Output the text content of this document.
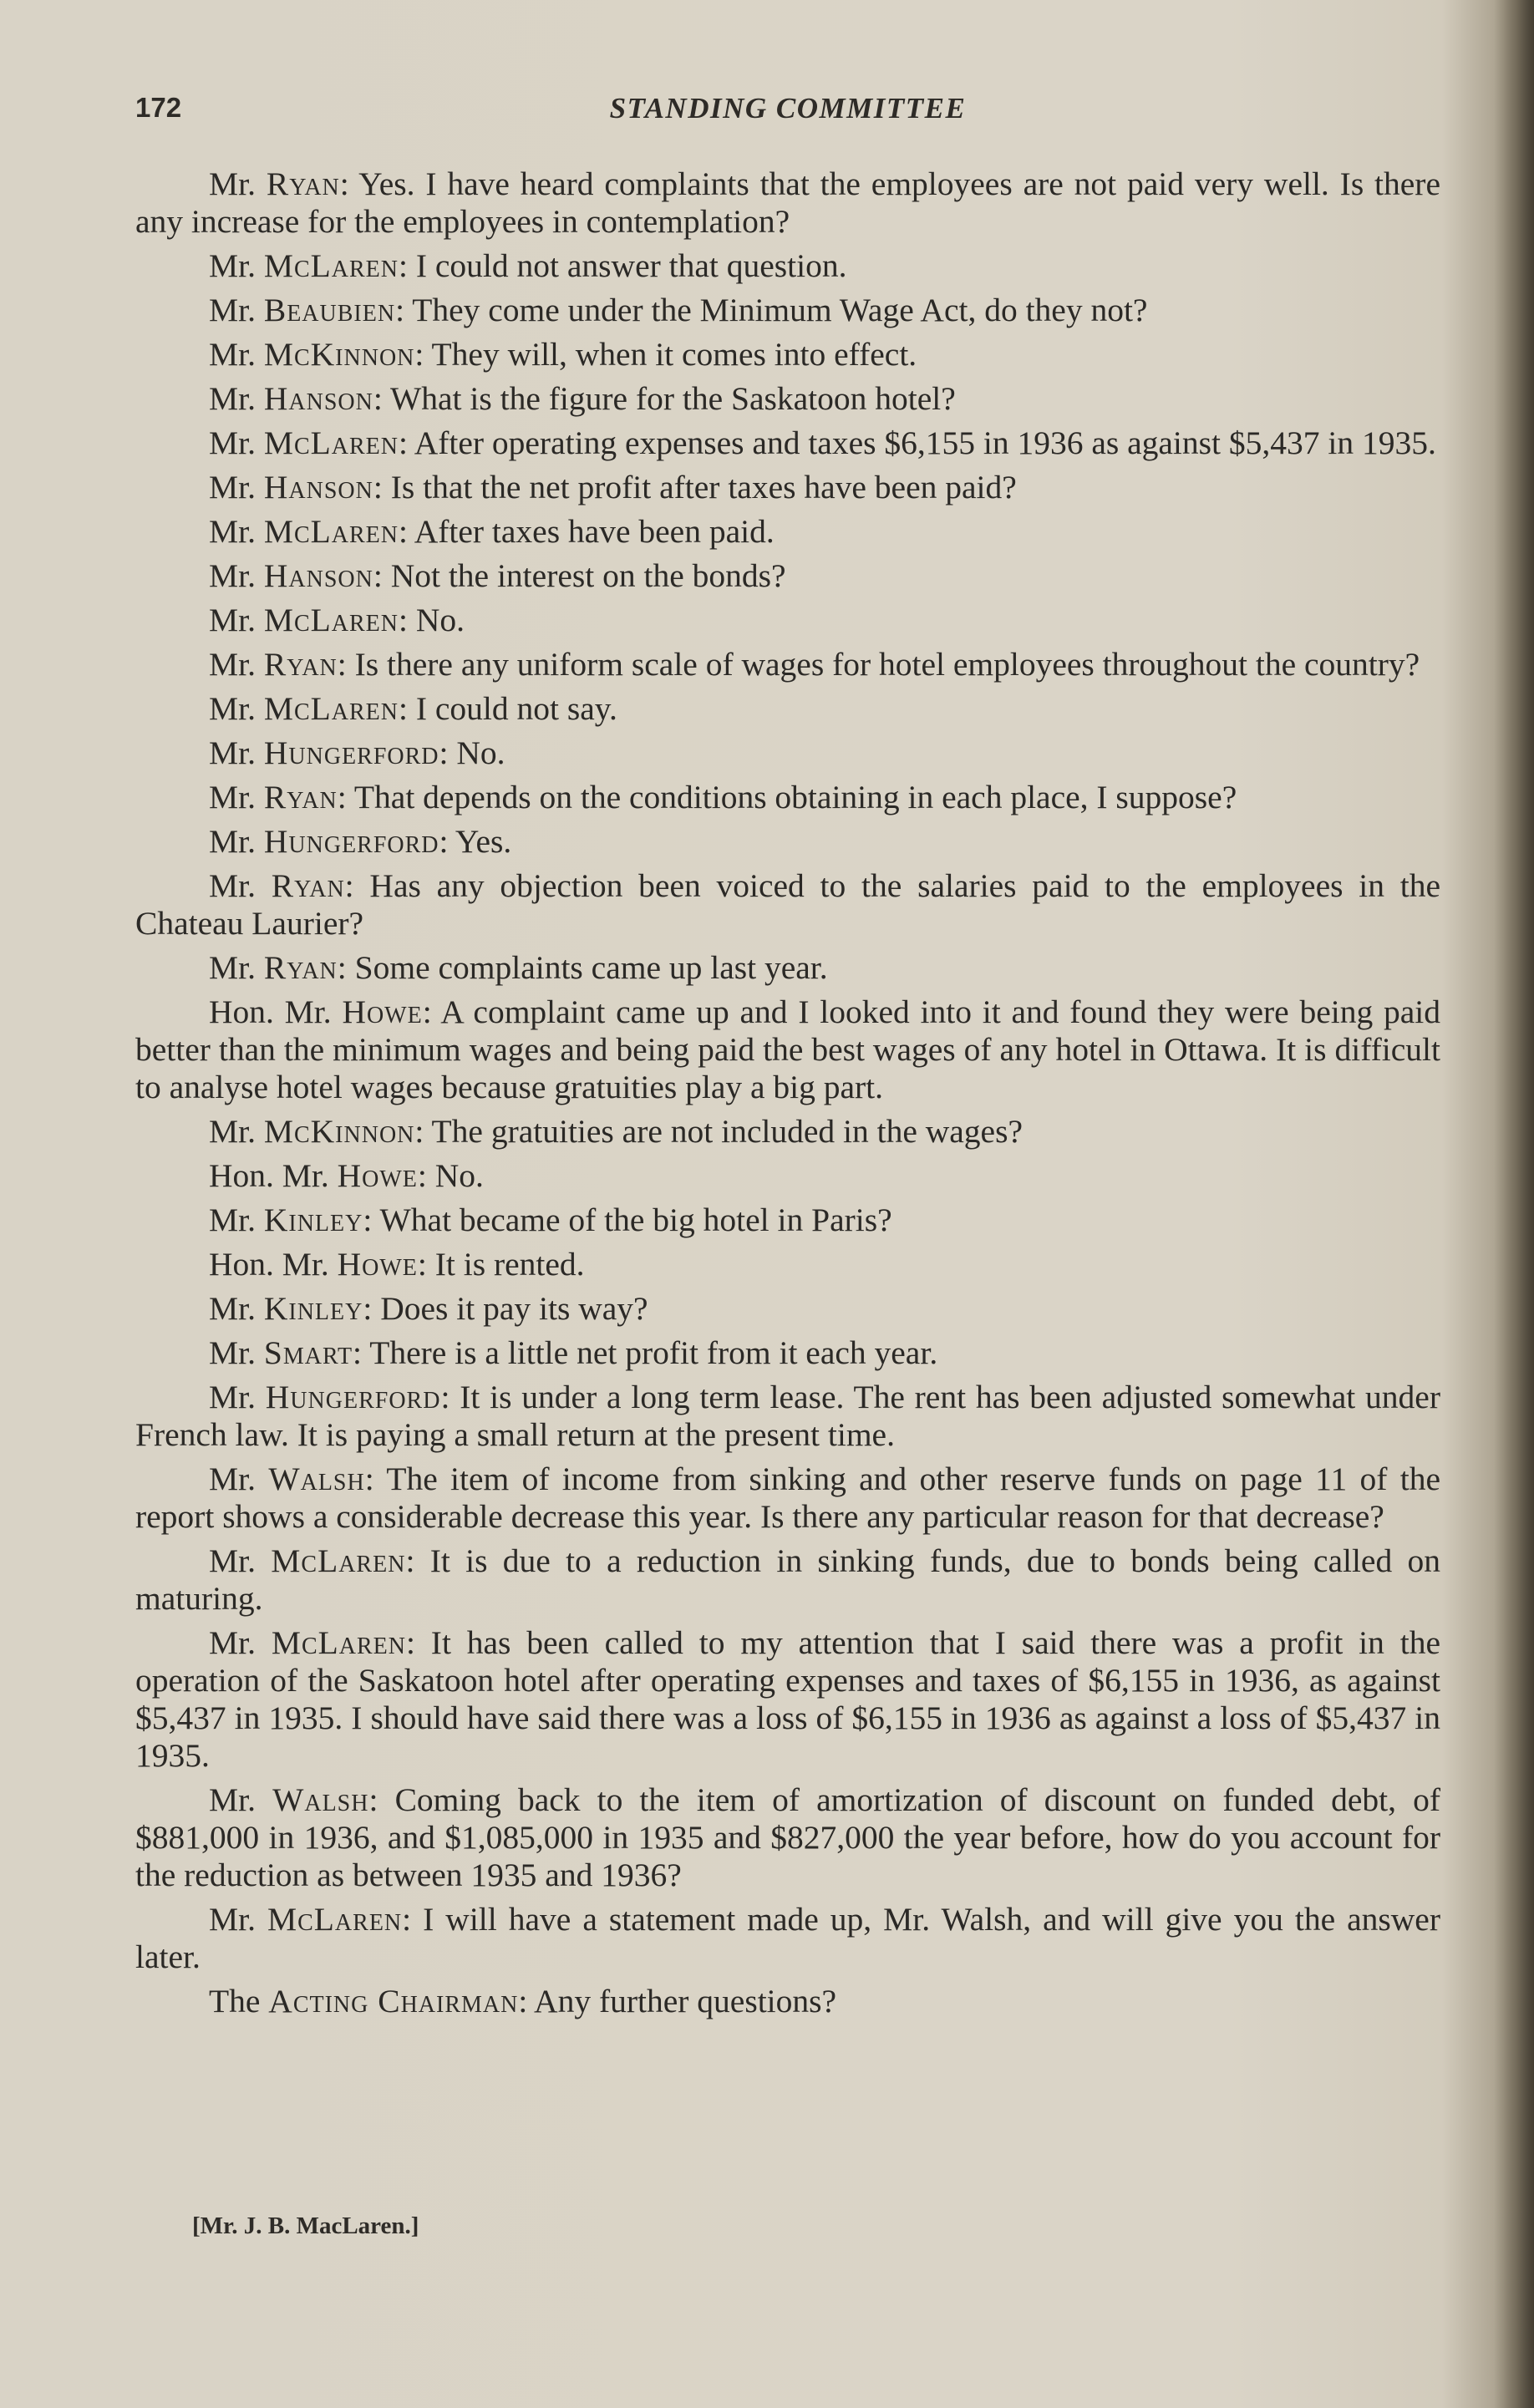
172	STANDING COMMITTEE

Mr. Ryan: Yes. I have heard complaints that the employees are not paid very well. Is there any increase for the employees in contemplation?

Mr. McLaren: I could not answer that question.

Mr. Beaubien: They come under the Minimum Wage Act, do they not?

Mr. McKinnon: They will, when it comes into effect.

Mr. Hanson: What is the figure for the Saskatoon hotel?

Mr. McLaren: After operating expenses and taxes $6,155 in 1936 as against $5,437 in 1935.

Mr. Hanson: Is that the net profit after taxes have been paid?

Mr. McLaren: After taxes have been paid.

Mr. Hanson: Not the interest on the bonds?

Mr. McLaren: No.

Mr. Ryan: Is there any uniform scale of wages for hotel employees throughout the country?

Mr. McLaren: I could not say.

Mr. Hungerford: No.

Mr. Ryan: That depends on the conditions obtaining in each place, I suppose?

Mr. Hungerford: Yes.

Mr. Ryan: Has any objection been voiced to the salaries paid to the employees in the Chateau Laurier?

Mr. Ryan: Some complaints came up last year.

Hon. Mr. Howe: A complaint came up and I looked into it and found they were being paid better than the minimum wages and being paid the best wages of any hotel in Ottawa. It is difficult to analyse hotel wages because gratuities play a big part.

Mr. McKinnon: The gratuities are not included in the wages?

Hon. Mr. Howe: No.

Mr. Kinley: What became of the big hotel in Paris?

Hon. Mr. Howe: It is rented.

Mr. Kinley: Does it pay its way?

Mr. Smart: There is a little net profit from it each year.

Mr. Hungerford: It is under a long term lease. The rent has been adjusted somewhat under French law. It is paying a small return at the present time.

Mr. Walsh: The item of income from sinking and other reserve funds on page 11 of the report shows a considerable decrease this year. Is there any particular reason for that decrease?

Mr. McLaren: It is due to a reduction in sinking funds, due to bonds being called on maturing.

Mr. McLaren: It has been called to my attention that I said there was a profit in the operation of the Saskatoon hotel after operating expenses and taxes of $6,155 in 1936, as against $5,437 in 1935. I should have said there was a loss of $6,155 in 1936 as against a loss of $5,437 in 1935.

Mr. Walsh: Coming back to the item of amortization of discount on funded debt, of $881,000 in 1936, and $1,085,000 in 1935 and $827,000 the year before, how do you account for the reduction as between 1935 and 1936?

Mr. McLaren: I will have a statement made up, Mr. Walsh, and will give you the answer later.

The Acting Chairman: Any further questions?

[Mr. J. B. MacLaren.]
